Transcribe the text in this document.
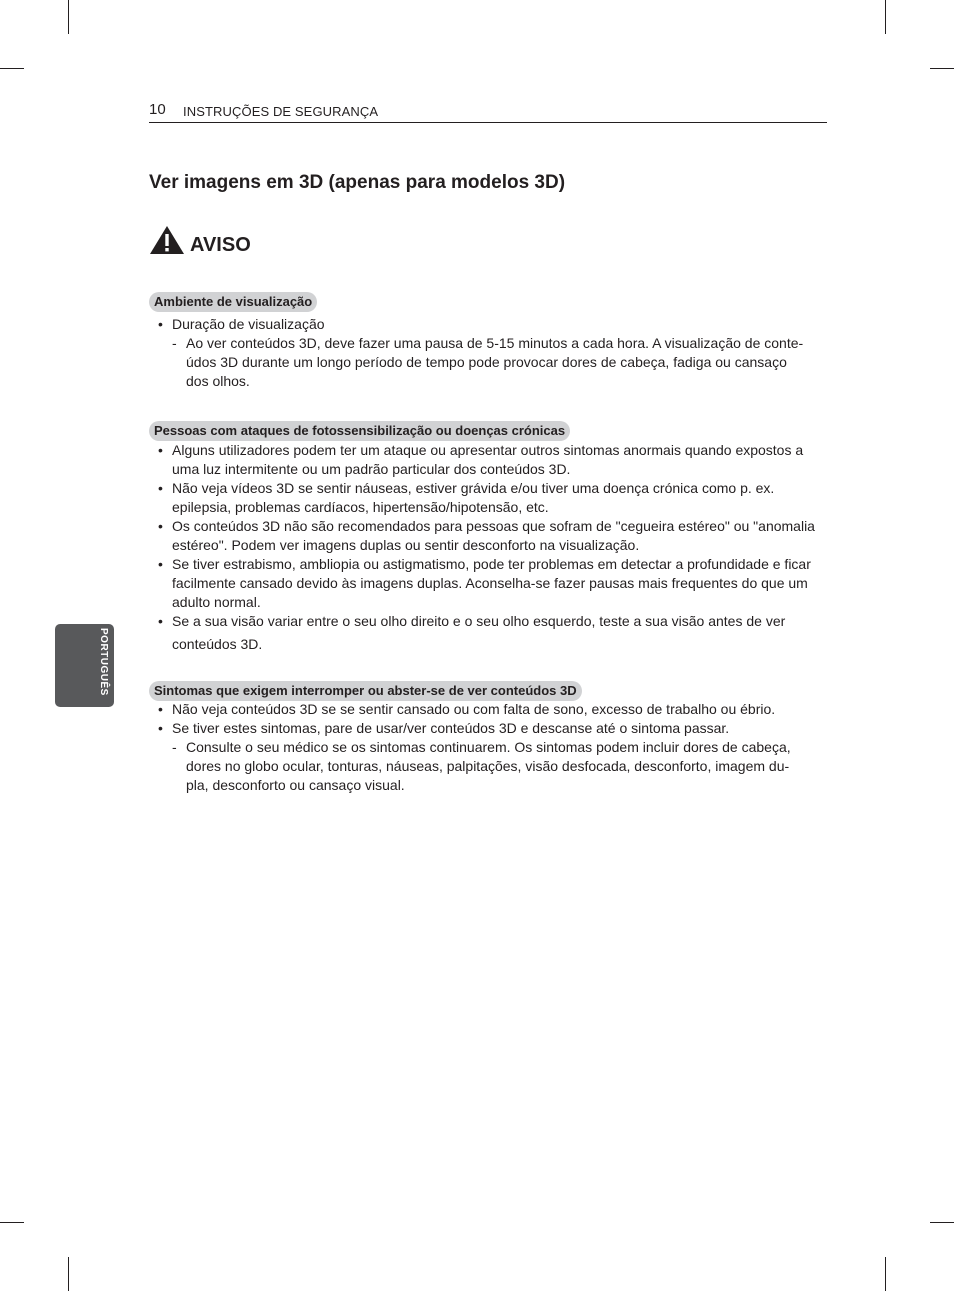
10 INSTRUÇÕES DE SEGURANÇA
Ver imagens em 3D (apenas para modelos 3D)
AVISO
Ambiente de visualização
• Duração de visualização
- Ao ver conteúdos 3D, deve fazer uma pausa de 5-15 minutos a cada hora. A visualização de conte-
údos 3D durante um longo período de tempo pode provocar dores de cabeça, fadiga ou cansaço
dos olhos.
Pessoas com ataques de fotossensibilização ou doenças crónicas
• Alguns utilizadores podem ter um ataque ou apresentar outros sintomas anormais quando expostos a
uma luz intermitente ou um padrão particular dos conteúdos 3D.
• Não veja vídeos 3D se sentir náuseas, estiver grávida e/ou tiver uma doença crónica como p. ex.
epilepsia, problemas cardíacos, hipertensão/hipotensão, etc.
• Os conteúdos 3D não são recomendados para pessoas que sofram de "cegueira estéreo" ou "anomalia
estéreo". Podem ver imagens duplas ou sentir desconforto na visualização.
• Se tiver estrabismo, ambliopia ou astigmatismo, pode ter problemas em detectar a profundidade e ficar
facilmente cansado devido às imagens duplas. Aconselha-se fazer pausas mais frequentes do que um
adulto normal.
• Se a sua visão variar entre o seu olho direito e o seu olho esquerdo, teste a sua visão antes de ver
conteúdos 3D.
Sintomas que exigem interromper ou abster-se de ver conteúdos 3D
• Não veja conteúdos 3D se se sentir cansado ou com falta de sono, excesso de trabalho ou ébrio.
• Se tiver estes sintomas, pare de usar/ver conteúdos 3D e descanse até o sintoma passar.
- Consulte o seu médico se os sintomas continuarem. Os sintomas podem incluir dores de cabeça,
dores no globo ocular, tonturas, náuseas, palpitações, visão desfocada, desconforto, imagem du-
pla, desconforto ou cansaço visual.
PORTUGUÊS
